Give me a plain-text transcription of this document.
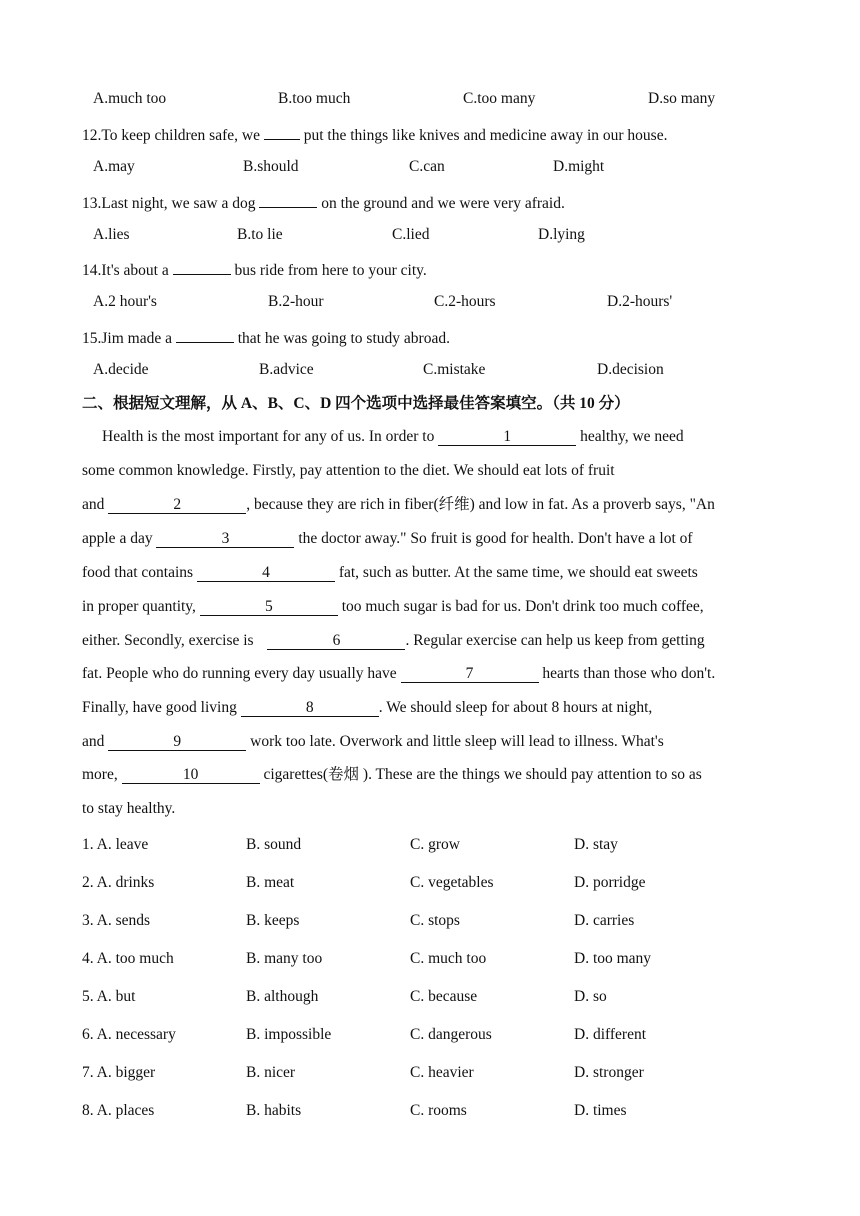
A.much too	B.too much	C.too many	D.so many
12.To keep children safe, we  put the things like knives and medicine away in our house.
A.may	B.should	C.can	D.might
13.Last night, we saw a dog	on the ground and we were very afraid.
A.lies	B.to lie	C.lied	D.lying
14.It's about a	bus ride from here to your city.
A.2 hour's	B.2-hour	C.2-hours	D.2-hours'
15.Jim made a	that he was going to study abroad.
A.decide	B.advice	C.mistake	D.decision
二、根据短文理解，从 A、B、C、D 四个选项中选择最佳答案填空。（共 10 分）
Health is the most important for any of us. In order to	1	healthy, we need
some common knowledge. Firstly, pay attention to the diet. We should eat lots of fruit
and	2	, because they are rich in fiber(纤维) and low in fat. As a proverb says, "An
apple a day	3	the doctor away." So fruit is good for health. Don't have a lot of
food that contains	4	fat, such as butter. At the same time, we should eat sweets
in proper quantity,	5	too much sugar is bad for us. Don't drink too much coffee,
either. Secondly, exercise is	6	. Regular exercise can help us keep from getting
fat. People who do running every day usually have	7	hearts than those who don't.
Finally, have good living	8	. We should sleep for about 8 hours at night,
and	9	work too late. Overwork and little sleep will lead to illness. What's
more,	10	cigarettes(卷烟 ). These are the things we should pay attention to so as
to stay healthy.
1. A. leave	B. sound	C. grow	D. stay
2. A. drinks	B. meat	C. vegetables	D. porridge
3. A. sends	B. keeps	C. stops	D. carries
4. A. too much	B. many too	C. much too	D. too many
5. A. but	B. although	C. because	D. so
6. A. necessary	B. impossible	C. dangerous	D. different
7. A. bigger	B. nicer	C. heavier	D. stronger
8. A. places	B. habits	C. rooms	D. times
